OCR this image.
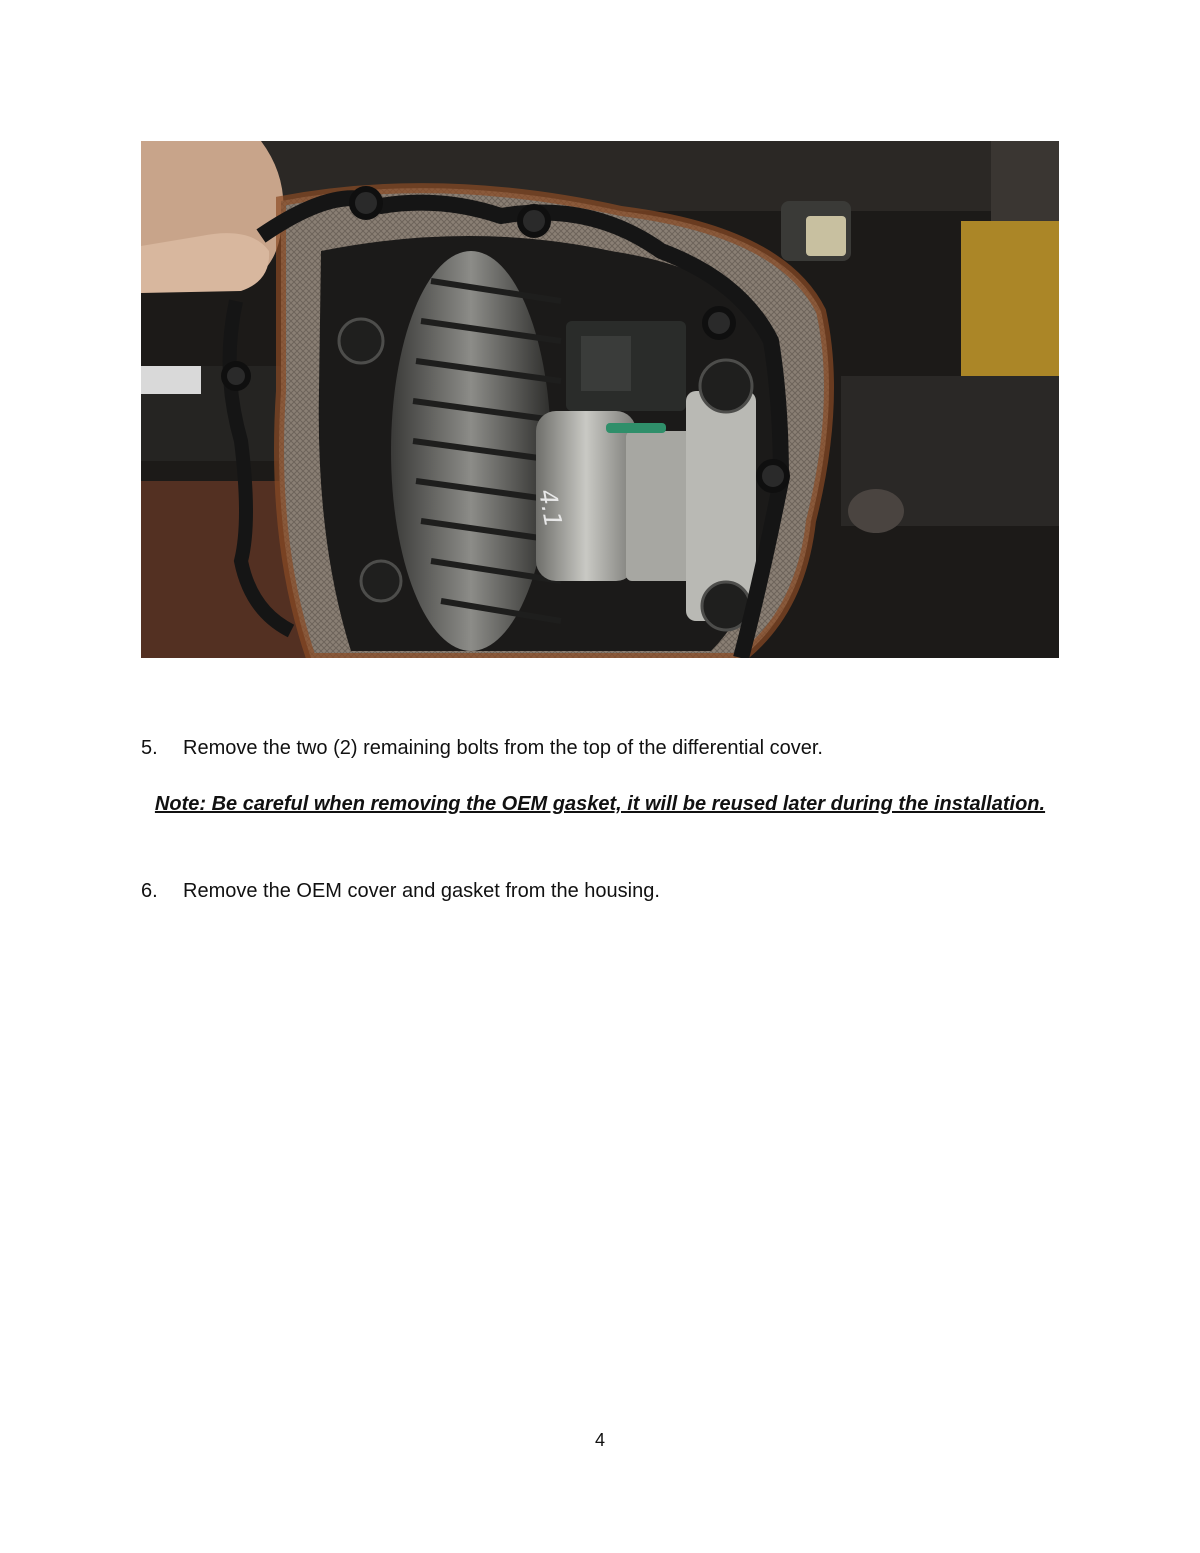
4.1
5. Remove the two (2) remaining bolts from the top of the differential cover.
Note: Be careful when removing the OEM gasket, it will be reused later during the installation.
6. Remove the OEM cover and gasket from the housing.
4
